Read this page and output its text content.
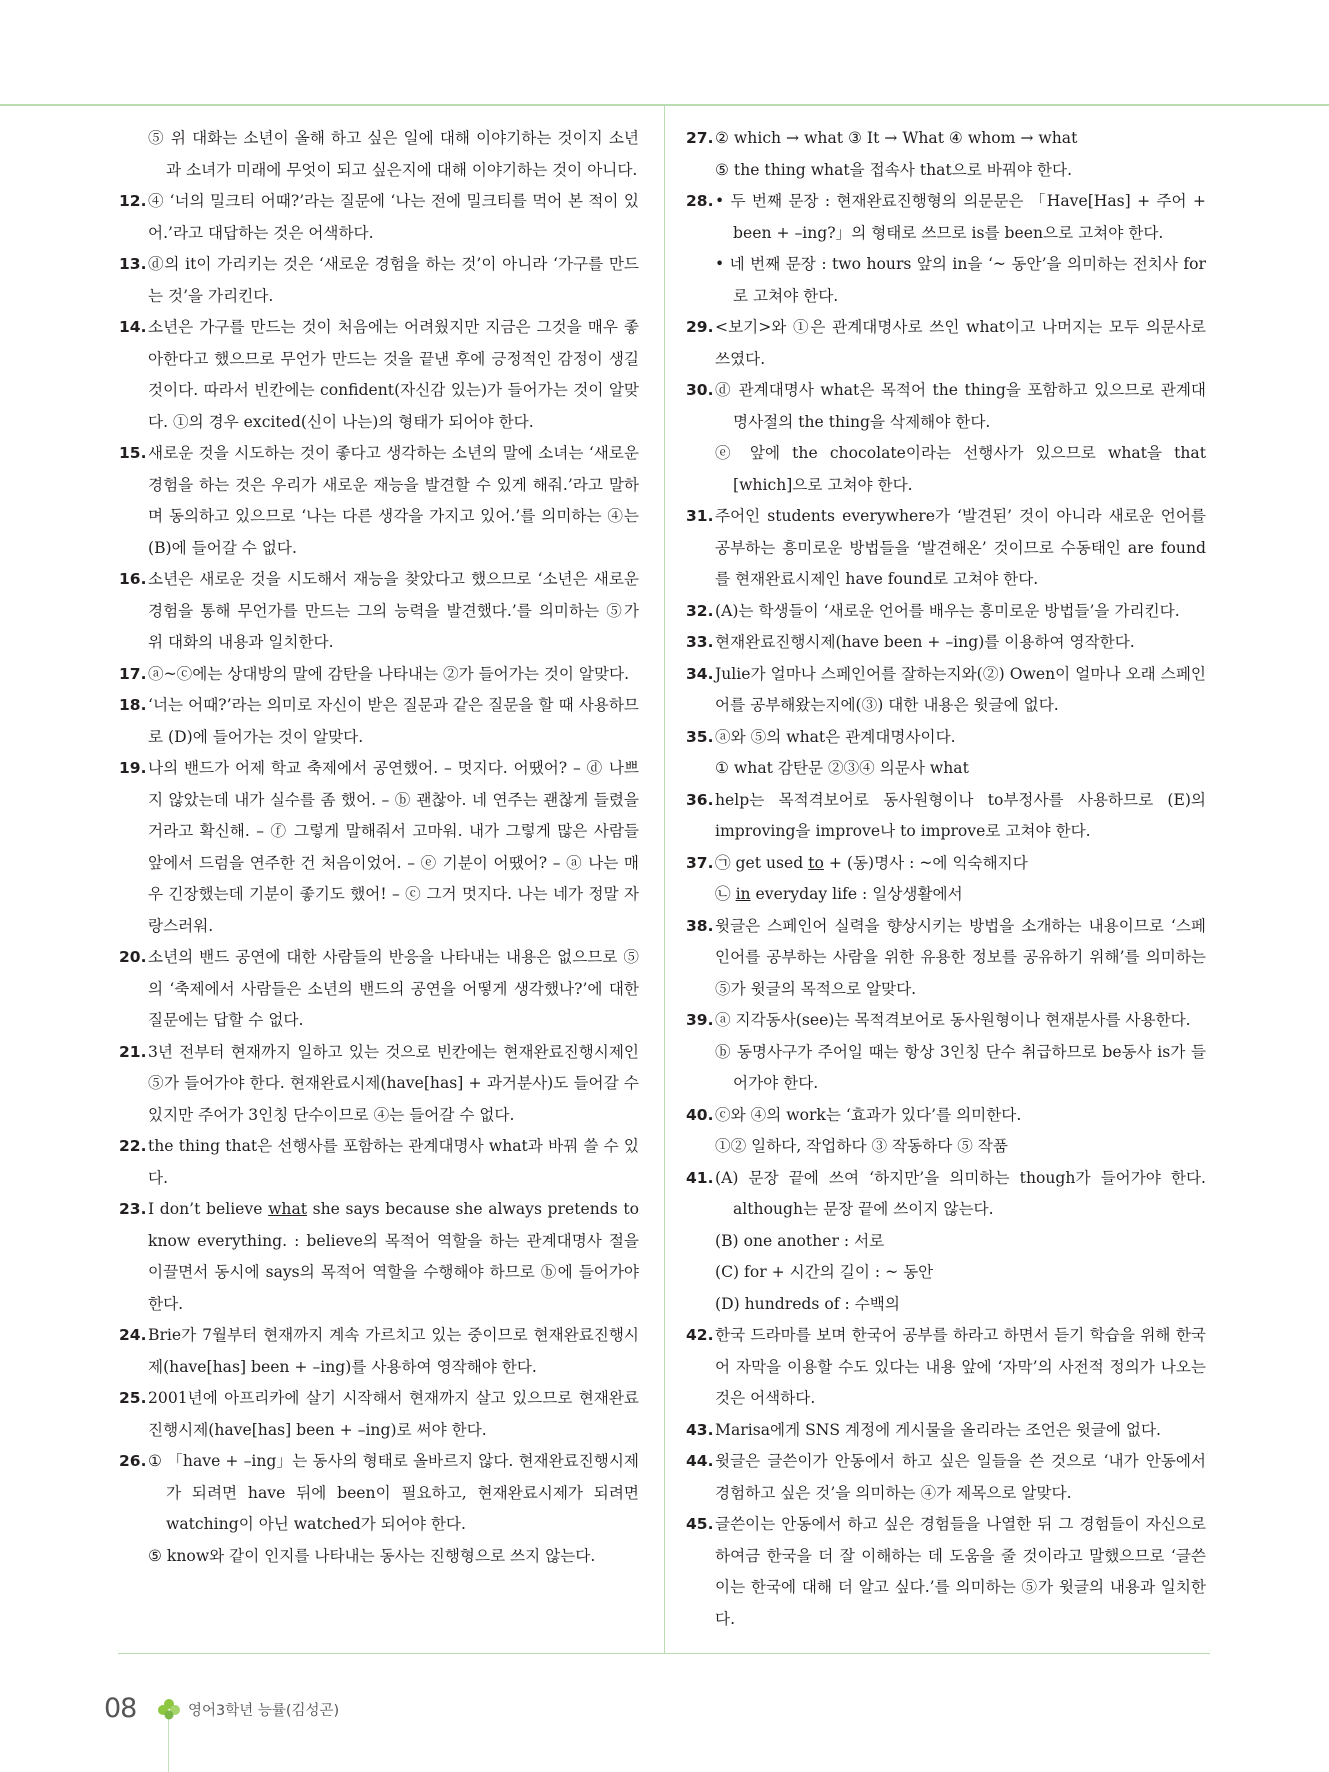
⑤ 위 대화는 소년이 올해 하고 싶은 일에 대해 이야기하는 것이지 소년과 소녀가 미래에 무엇이 되고 싶은지에 대해 이야기하는 것이 아니다.
12. ④ ‘너의 밀크티 어때?’라는 질문에 ‘나는 전에 밀크티를 먹어 본 적이 있어.’라고 대답하는 것은 어색하다.
13. ⓓ의 it이 가리키는 것은 ‘새로운 경험을 하는 것’이 아니라 ‘가구를 만드는 것’을 가리킨다.
14. 소년은 가구를 만드는 것이 처음에는 어려웠지만 지금은 그것을 매우 좋아한다고 했으므로 무언가 만드는 것을 끝낸 후에 긍정적인 감정이 생길 것이다. 따라서 빈칸에는 confident(자신감 있는)가 들어가는 것이 알맞다. ①의 경우 excited(신이 나는)의 형태가 되어야 한다.
15. 새로운 것을 시도하는 것이 좋다고 생각하는 소년의 말에 소녀는 ‘새로운 경험을 하는 것은 우리가 새로운 재능을 발견할 수 있게 해줘.’라고 말하며 동의하고 있으므로 ‘나는 다른 생각을 가지고 있어.’를 의미하는 ④는 (B)에 들어갈 수 없다.
16. 소년은 새로운 것을 시도해서 재능을 찾았다고 했으므로 ‘소년은 새로운 경험을 통해 무언가를 만드는 그의 능력을 발견했다.’를 의미하는 ⑤가 위 대화의 내용과 일치한다.
17. ⓐ~ⓒ에는 상대방의 말에 감탄을 나타내는 ②가 들어가는 것이 알맞다.
18. ‘너는 어때?’라는 의미로 자신이 받은 질문과 같은 질문을 할 때 사용하므로 (D)에 들어가는 것이 알맞다.
19. 나의 밴드가 어제 학교 축제에서 공연했어. – 멋지다. 어땠어? – ⓓ 나쁘지 않았는데 내가 실수를 좀 했어. – ⓑ 괜찮아. 네 연주는 괜찮게 들렸을 거라고 확신해. – ⓕ 그렇게 말해줘서 고마워. 내가 그렇게 많은 사람들 앞에서 드럼을 연주한 건 처음이었어. – ⓔ 기분이 어땠어? – ⓐ 나는 매우 긴장했는데 기분이 좋기도 했어! – ⓒ 그거 멋지다. 나는 네가 정말 자랑스러워.
20. 소년의 밴드 공연에 대한 사람들의 반응을 나타내는 내용은 없으므로 ⑤의 ‘축제에서 사람들은 소년의 밴드의 공연을 어떻게 생각했나?’에 대한 질문에는 답할 수 없다.
21. 3년 전부터 현재까지 일하고 있는 것으로 빈칸에는 현재완료진행시제인 ⑤가 들어가야 한다. 현재완료시제(have[has] + 과거분사)도 들어갈 수 있지만 주어가 3인칭 단수이므로 ④는 들어갈 수 없다.
22. the thing that은 선행사를 포함하는 관계대명사 what과 바꿔 쓸 수 있다.
23. I don’t believe what she says because she always pretends to know everything. : believe의 목적어 역할을 하는 관계대명사 절을 이끌면서 동시에 says의 목적어 역할을 수행해야 하므로 ⓑ에 들어가야 한다.
24. Brie가 7월부터 현재까지 계속 가르치고 있는 중이므로 현재완료진행시제(have[has] been + –ing)를 사용하여 영작해야 한다.
25. 2001년에 아프리카에 살기 시작해서 현재까지 살고 있으므로 현재완료진행시제(have[has] been + –ing)로 써야 한다.
26. ① 「have + –ing」는 동사의 형태로 올바르지 않다. 현재완료진행시제가 되려면 have 뒤에 been이 필요하고, 현재완료시제가 되려면 watching이 아닌 watched가 되어야 한다.
⑤ know와 같이 인지를 나타내는 동사는 진행형으로 쓰지 않는다.
27. ② which → what ③ It → What ④ whom → what
⑤ the thing what을 접속사 that으로 바꿔야 한다.
28. • 두 번째 문장 : 현재완료진행형의 의문문은 「Have[Has] + 주어 + been + –ing?」의 형태로 쓰므로 is를 been으로 고쳐야 한다.
• 네 번째 문장 : two hours 앞의 in을 ‘~ 동안’을 의미하는 전치사 for로 고쳐야 한다.
29. <보기>와 ①은 관계대명사로 쓰인 what이고 나머지는 모두 의문사로 쓰였다.
30. ⓓ 관계대명사 what은 목적어 the thing을 포함하고 있으므로 관계대명사절의 the thing을 삭제해야 한다.
ⓔ 앞에 the chocolate이라는 선행사가 있으므로 what을 that [which]으로 고쳐야 한다.
31. 주어인 students everywhere가 ‘발견된’ 것이 아니라 새로운 언어를 공부하는 흥미로운 방법들을 ‘발견해온’ 것이므로 수동태인 are found를 현재완료시제인 have found로 고쳐야 한다.
32. (A)는 학생들이 ‘새로운 언어를 배우는 흥미로운 방법들’을 가리킨다.
33. 현재완료진행시제(have been + –ing)를 이용하여 영작한다.
34. Julie가 얼마나 스페인어를 잘하는지와(②) Owen이 얼마나 오래 스페인어를 공부해왔는지에(③) 대한 내용은 윗글에 없다.
35. ⓐ와 ⑤의 what은 관계대명사이다.
① what 감탄문 ②③④ 의문사 what
36. help는 목적격보어로 동사원형이나 to부정사를 사용하므로 (E)의 improving을 improve나 to improve로 고쳐야 한다.
37. ㉠ get used to + (동)명사 : ~에 익숙해지다
㉡ in everyday life : 일상생활에서
38. 윗글은 스페인어 실력을 향상시키는 방법을 소개하는 내용이므로 ‘스페인어를 공부하는 사람을 위한 유용한 정보를 공유하기 위해’를 의미하는 ⑤가 윗글의 목적으로 알맞다.
39. ⓐ 지각동사(see)는 목적격보어로 동사원형이나 현재분사를 사용한다.
ⓑ 동명사구가 주어일 때는 항상 3인칭 단수 취급하므로 be동사 is가 들어가야 한다.
40. ⓒ와 ④의 work는 ‘효과가 있다’를 의미한다.
①② 일하다, 작업하다 ③ 작동하다 ⑤ 작품
41. (A) 문장 끝에 쓰여 ‘하지만’을 의미하는 though가 들어가야 한다. although는 문장 끝에 쓰이지 않는다.
(B) one another : 서로
(C) for + 시간의 길이 : ~ 동안
(D) hundreds of : 수백의
42. 한국 드라마를 보며 한국어 공부를 하라고 하면서 듣기 학습을 위해 한국어 자막을 이용할 수도 있다는 내용 앞에 ‘자막’의 사전적 정의가 나오는 것은 어색하다.
43. Marisa에게 SNS 계정에 게시물을 올리라는 조언은 윗글에 없다.
44. 윗글은 글쓴이가 안동에서 하고 싶은 일들을 쓴 것으로 ‘내가 안동에서 경험하고 싶은 것’을 의미하는 ④가 제목으로 알맞다.
45. 글쓴이는 안동에서 하고 싶은 경험들을 나열한 뒤 그 경험들이 자신으로 하여금 한국을 더 잘 이해하는 데 도움을 줄 것이라고 말했으므로 ‘글쓴이는 한국에 대해 더 알고 싶다.’를 의미하는 ⑤가 윗글의 내용과 일치한다.
08	영어3학년 능률(김성곤)
